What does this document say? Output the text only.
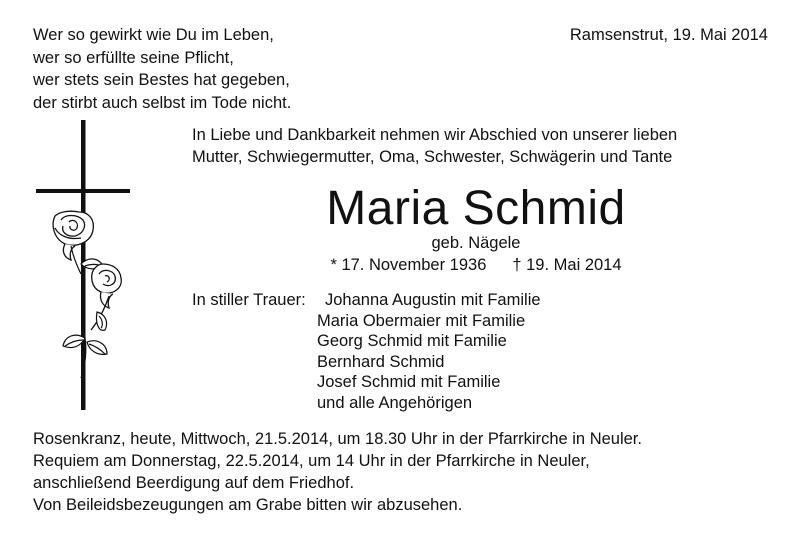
Wer so gewirkt wie Du im Leben,
wer so erfüllte seine Pflicht,
wer stets sein Bestes hat gegeben,
der stirbt auch selbst im Tode nicht.
Ramsenstrut, 19. Mai 2014
In Liebe und Dankbarkeit nehmen wir Abschied von unserer lieben
Mutter, Schwiegermutter, Oma, Schwester, Schwägerin und Tante
Maria Schmid
geb. Nägele
* 17. November 1936 † 19. Mai 2014
In stiller Trauer: Johanna Augustin mit Familie
Maria Obermaier mit Familie
Georg Schmid mit Familie
Bernhard Schmid
Josef Schmid mit Familie
und alle Angehörigen
Rosenkranz, heute, Mittwoch, 21.5.2014, um 18.30 Uhr in der Pfarrkirche in Neuler.
Requiem am Donnerstag, 22.5.2014, um 14 Uhr in der Pfarrkirche in Neuler,
anschließend Beerdigung auf dem Friedhof.
Von Beileidsbezeugungen am Grabe bitten wir abzusehen.
